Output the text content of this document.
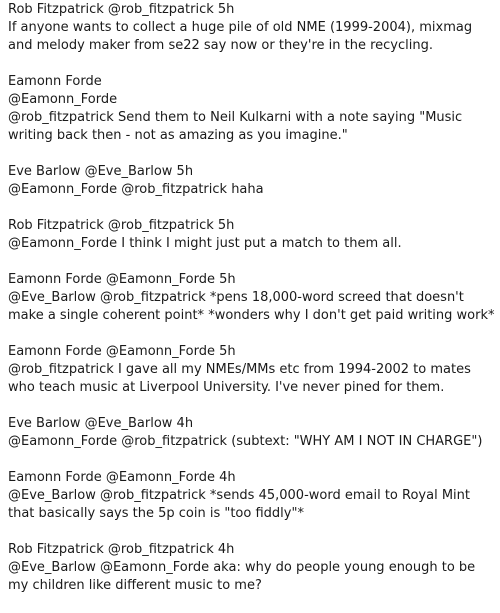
Rob Fitzpatrick @rob_fitzpatrick 5h
If anyone wants to collect a huge pile of old NME (1999-2004), mixmag and melody maker from se22 say now or they're in the recycling.
Eamonn Forde
@Eamonn_Forde
@rob_fitzpatrick Send them to Neil Kulkarni with a note saying "Music writing back then - not as amazing as you imagine."
Eve Barlow @Eve_Barlow 5h
@Eamonn_Forde @rob_fitzpatrick haha
Rob Fitzpatrick @rob_fitzpatrick 5h
@Eamonn_Forde I think I might just put a match to them all.
Eamonn Forde @Eamonn_Forde 5h
@Eve_Barlow @rob_fitzpatrick *pens 18,000-word screed that doesn't make a single coherent point* *wonders why I don't get paid writing work*
Eamonn Forde @Eamonn_Forde 5h
@rob_fitzpatrick I gave all my NMEs/MMs etc from 1994-2002 to mates who teach music at Liverpool University. I've never pined for them.
Eve Barlow @Eve_Barlow 4h
@Eamonn_Forde @rob_fitzpatrick (subtext: "WHY AM I NOT IN CHARGE")
Eamonn Forde @Eamonn_Forde 4h
@Eve_Barlow @rob_fitzpatrick *sends 45,000-word email to Royal Mint that basically says the 5p coin is "too fiddly"*
Rob Fitzpatrick @rob_fitzpatrick 4h
@Eve_Barlow @Eamonn_Forde aka: why do people young enough to be my children like different music to me?
